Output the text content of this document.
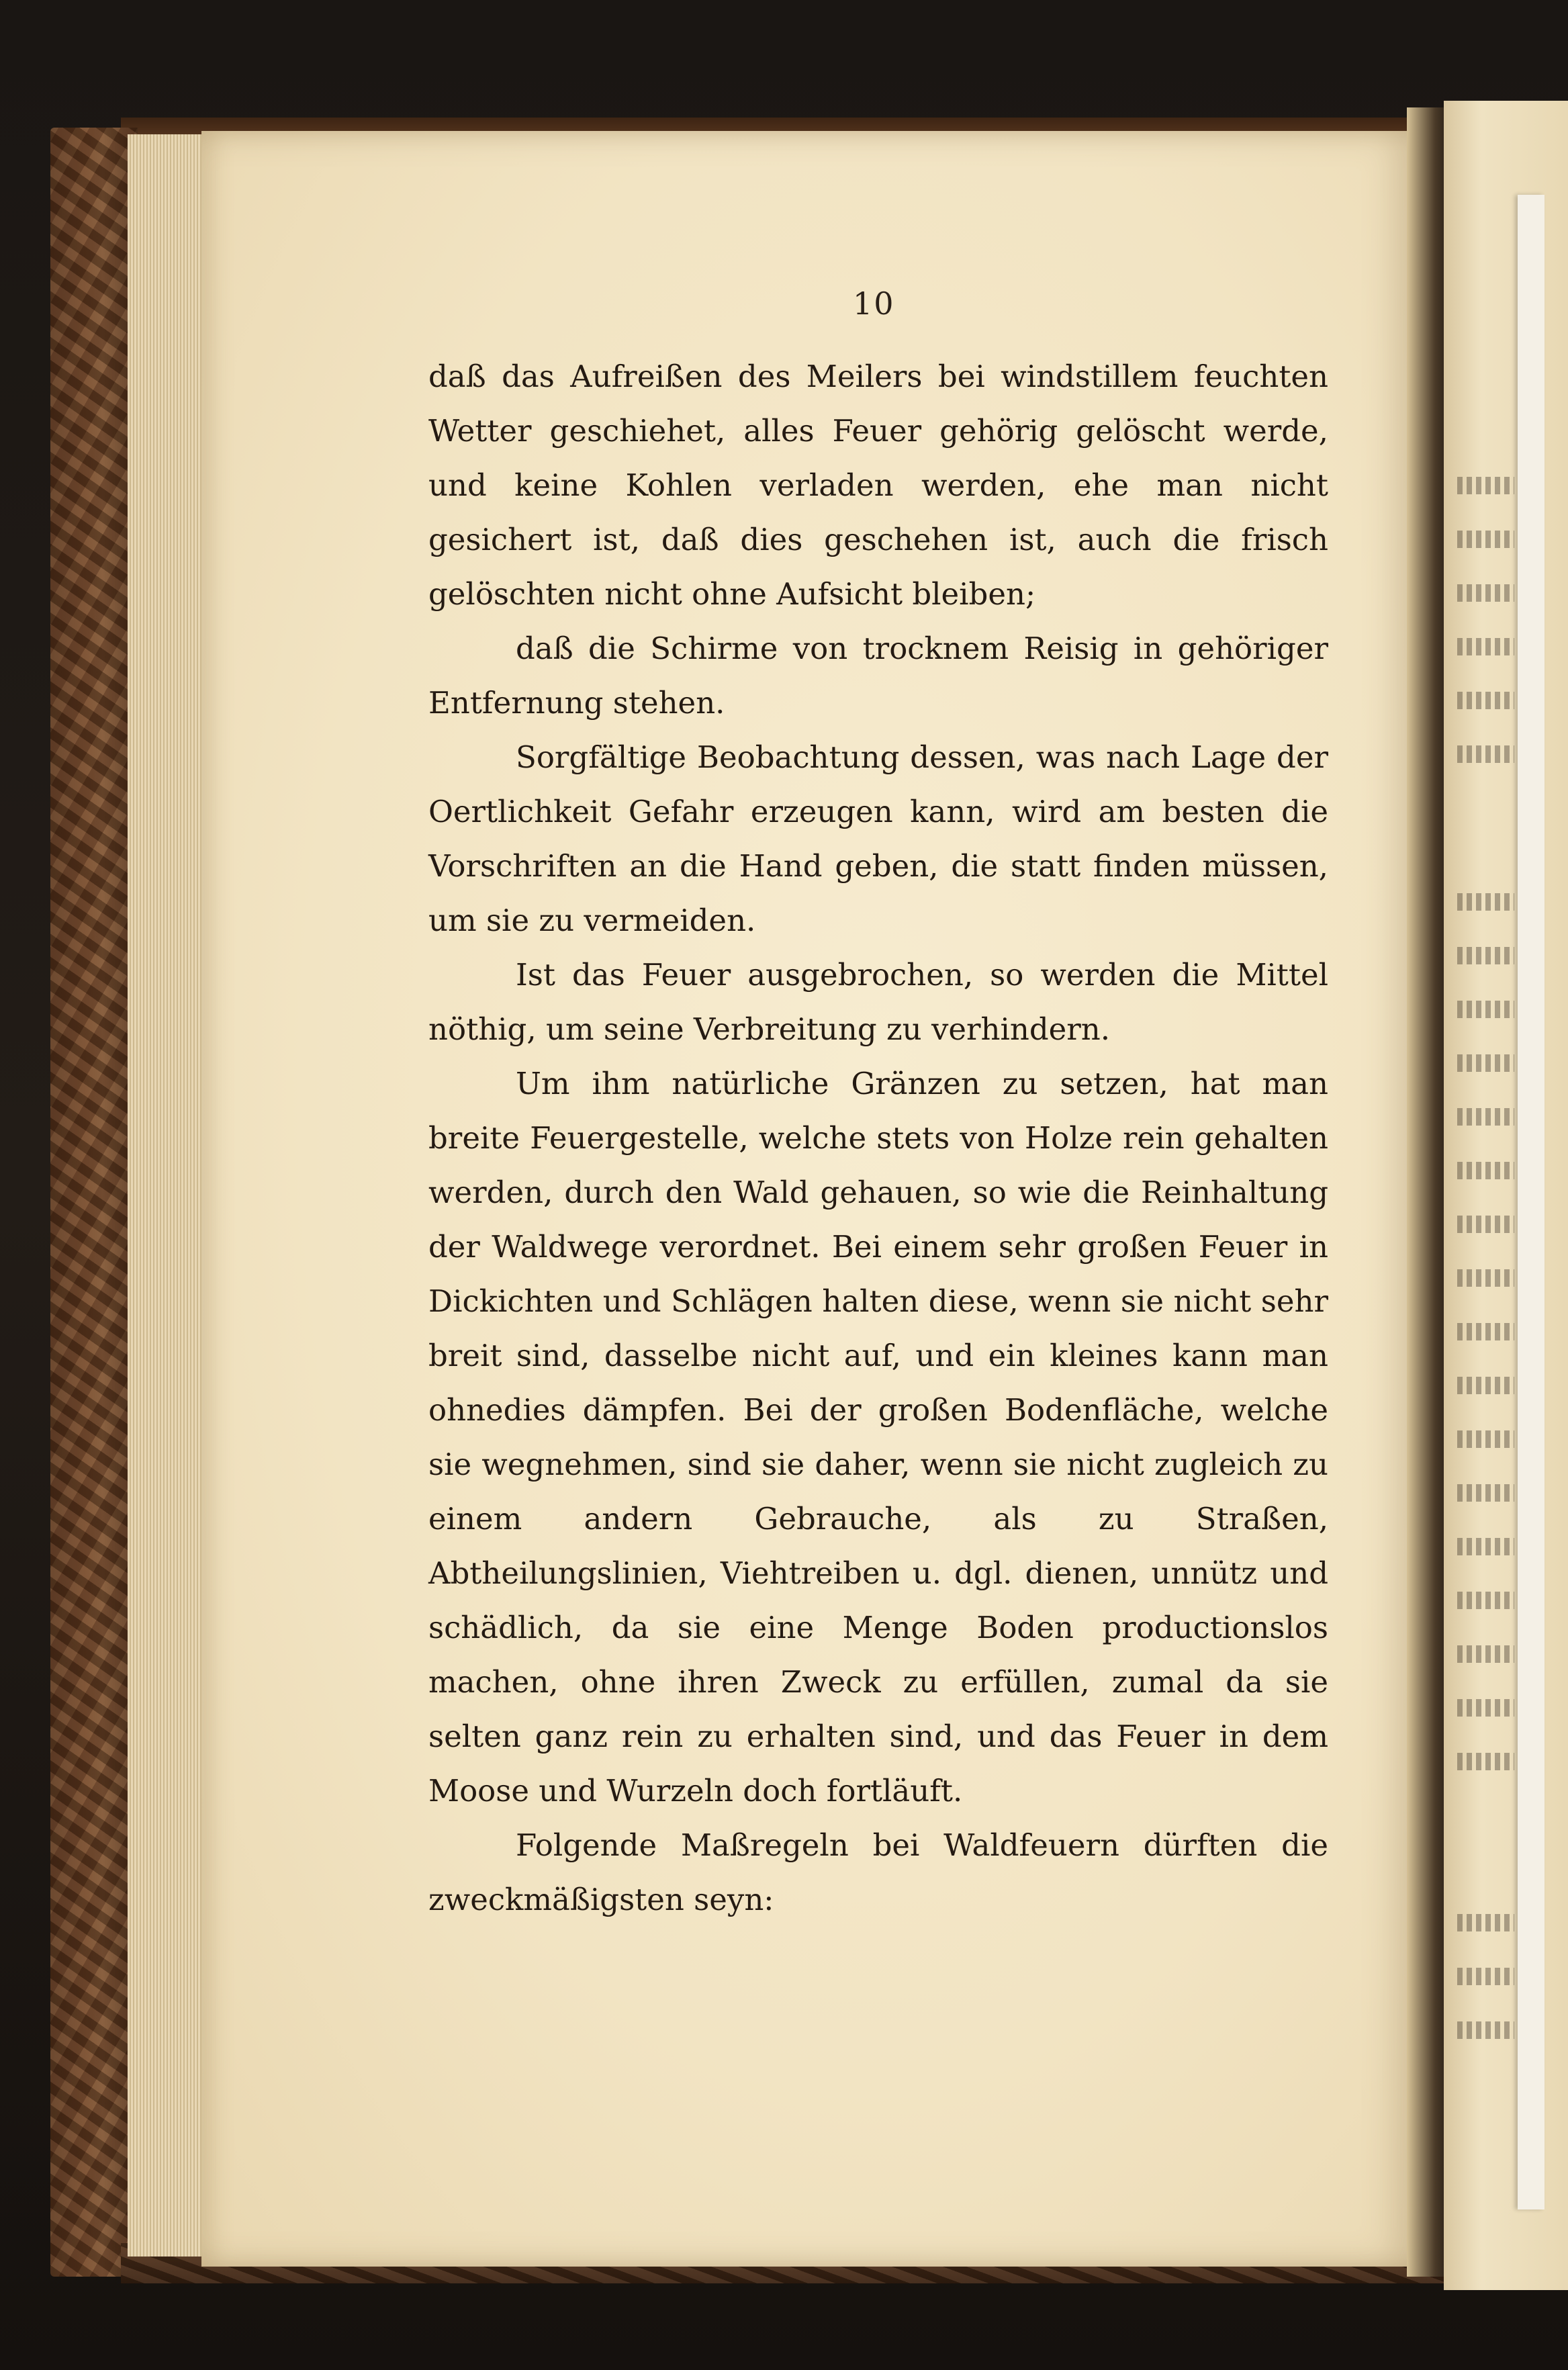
10

daß das Aufreißen des Meilers bei windstillem feuchten Wetter geschiehet, alles Feuer gehörig gelöscht werde, und keine Kohlen verladen werden, ehe man nicht gesichert ist, daß dies geschehen ist, auch die frisch gelöschten nicht ohne Aufsicht bleiben;

daß die Schirme von trocknem Reisig in gehöriger Entfernung stehen.

Sorgfältige Beobachtung dessen, was nach Lage der Oertlichkeit Gefahr erzeugen kann, wird am besten die Vorschriften an die Hand geben, die statt finden müssen, um sie zu vermeiden.

Ist das Feuer ausgebrochen, so werden die Mittel nöthig, um seine Verbreitung zu verhindern.

Um ihm natürliche Gränzen zu setzen, hat man breite Feuergestelle, welche stets von Holze rein gehalten werden, durch den Wald gehauen, so wie die Reinhaltung der Waldwege verordnet. Bei einem sehr großen Feuer in Dickichten und Schlägen halten diese, wenn sie nicht sehr breit sind, dasselbe nicht auf, und ein kleines kann man ohnedies dämpfen. Bei der großen Bodenfläche, welche sie wegnehmen, sind sie daher, wenn sie nicht zugleich zu einem andern Gebrauche, als zu Straßen, Abtheilungslinien, Viehtreiben u. dgl. dienen, unnütz und schädlich, da sie eine Menge Boden productionslos machen, ohne ihren Zweck zu erfüllen, zumal da sie selten ganz rein zu erhalten sind, und das Feuer in dem Moose und Wurzeln doch fortläuft.

Folgende Maßregeln bei Waldfeuern dürften die zweckmäßigsten seyn:
